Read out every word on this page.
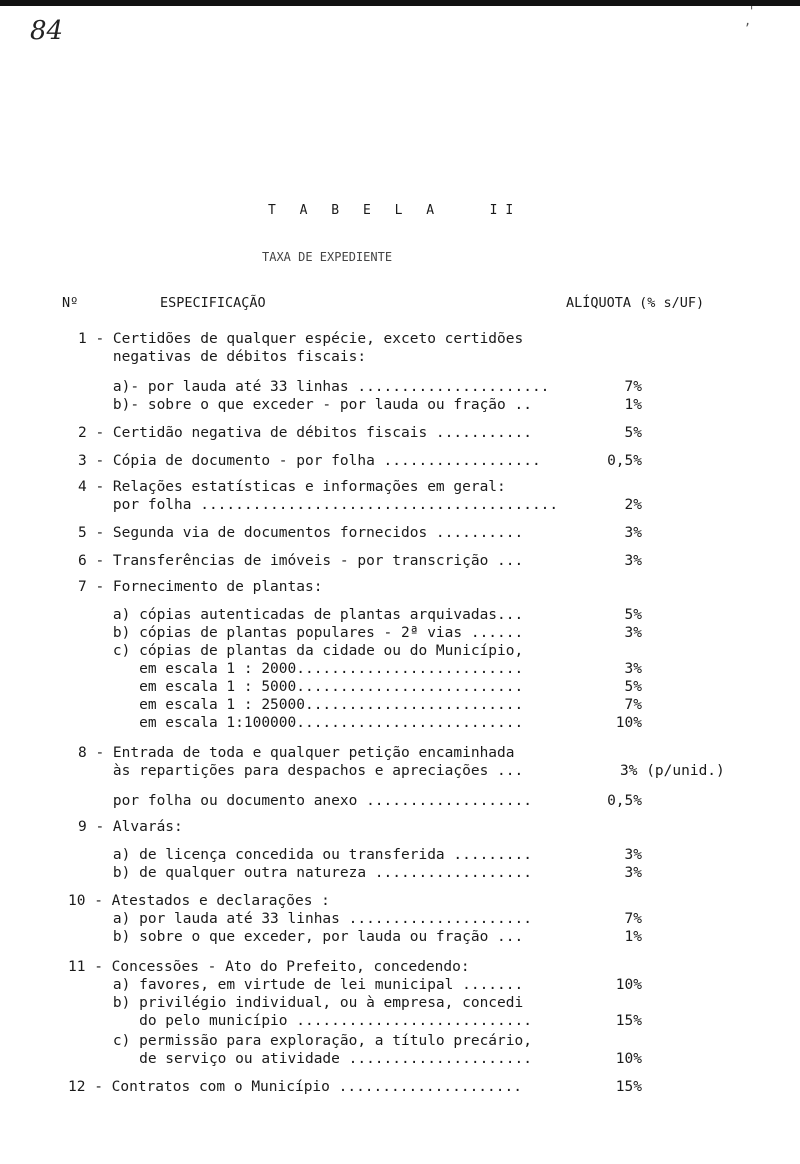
84
'
,
T A B E L A   II
TAXA DE EXPEDIENTE
Nº	ESPECIFICAÇÃO	ALÍQUOTA (% s/UF)
1 - Certidões de qualquer espécie, exceto certidões
negativas de débitos fiscais:
a)- por lauda até 33 linhas ......................	7%
b)- sobre o que exceder - por lauda ou fração ..	1%
2 - Certidão negativa de débitos fiscais ...........	5%
3 - Cópia de documento - por folha ..................	0,5%
4 - Relações estatísticas e informações em geral:
por folha .........................................	2%
5 - Segunda via de documentos fornecidos ..........	3%
6 - Transferências de imóveis - por transcrição ...	3%
7 - Fornecimento de plantas:
a) cópias autenticadas de plantas arquivadas...	5%
b) cópias de plantas populares - 2ª vias ......	3%
c) cópias de plantas da cidade ou do Município,
em escala 1 : 2000..........................	3%
em escala 1 : 5000..........................	5%
em escala 1 : 25000.........................	7%
em escala 1:100000..........................	10%
8 - Entrada de toda e qualquer petição encaminhada
às repartições para despachos e apreciações ...	3% (p/unid.)
por folha ou documento anexo ...................	0,5%
9 - Alvarás:
a) de licença concedida ou transferida .........	3%
b) de qualquer outra natureza ..................	3%
10 - Atestados e declarações :
a) por lauda até 33 linhas .....................	7%
b) sobre o que exceder, por lauda ou fração ...	1%
11 - Concessões - Ato do Prefeito, concedendo:
a) favores, em virtude de lei municipal .......	10%
b) privilégio individual, ou à empresa, concedi
do pelo município ...........................	15%
c) permissão para exploração, a título precário,
de serviço ou atividade .....................	10%
12 - Contratos com o Município .....................	15%
